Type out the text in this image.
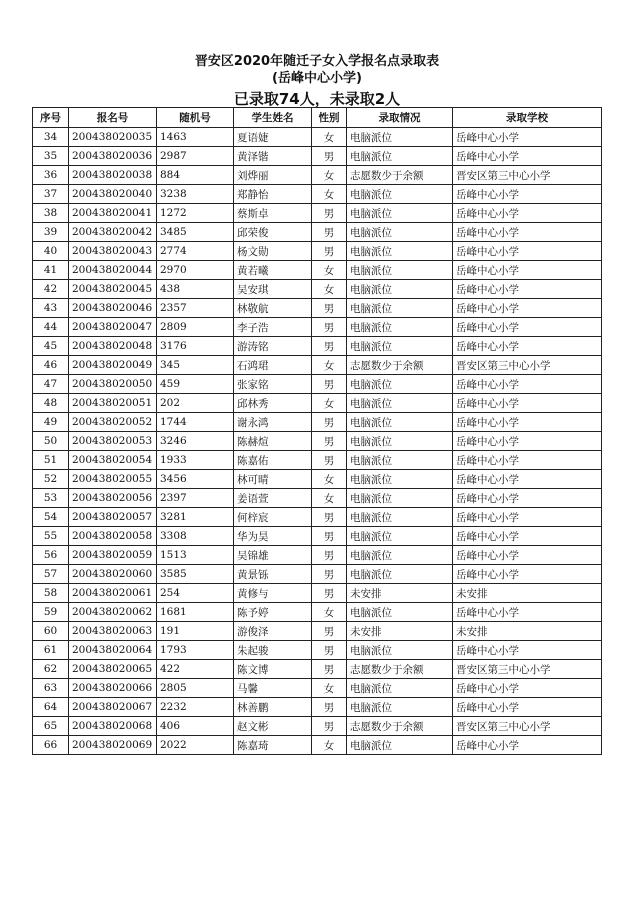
晋安区2020年随迁子女入学报名点录取表
(岳峰中心小学)
已录取74人，未录取2人
序号	报名号	随机号	学生姓名	性别	录取情况	录取学校
34	200438020035	1463	夏语婕	女	电脑派位	岳峰中心小学
35	200438020036	2987	黄泽锴	男	电脑派位	岳峰中心小学
36	200438020038	884	刘烨丽	女	志愿数少于余额	晋安区第三中心小学
37	200438020040	3238	郑静怡	女	电脑派位	岳峰中心小学
38	200438020041	1272	蔡斯卓	男	电脑派位	岳峰中心小学
39	200438020042	3485	邱荣俊	男	电脑派位	岳峰中心小学
40	200438020043	2774	杨文勋	男	电脑派位	岳峰中心小学
41	200438020044	2970	黄若曦	女	电脑派位	岳峰中心小学
42	200438020045	438	吴安琪	女	电脑派位	岳峰中心小学
43	200438020046	2357	林敬航	男	电脑派位	岳峰中心小学
44	200438020047	2809	李子浩	男	电脑派位	岳峰中心小学
45	200438020048	3176	游涛铭	男	电脑派位	岳峰中心小学
46	200438020049	345	石鸿珺	女	志愿数少于余额	晋安区第三中心小学
47	200438020050	459	张家铭	男	电脑派位	岳峰中心小学
48	200438020051	202	邱林秀	女	电脑派位	岳峰中心小学
49	200438020052	1744	谢永鸿	男	电脑派位	岳峰中心小学
50	200438020053	3246	陈赫煊	男	电脑派位	岳峰中心小学
51	200438020054	1933	陈嘉佑	男	电脑派位	岳峰中心小学
52	200438020055	3456	林可晴	女	电脑派位	岳峰中心小学
53	200438020056	2397	姜语萱	女	电脑派位	岳峰中心小学
54	200438020057	3281	何梓宸	男	电脑派位	岳峰中心小学
55	200438020058	3308	华为昊	男	电脑派位	岳峰中心小学
56	200438020059	1513	吴锦雄	男	电脑派位	岳峰中心小学
57	200438020060	3585	黄景铄	男	电脑派位	岳峰中心小学
58	200438020061	254	黄修与	男	未安排	未安排
59	200438020062	1681	陈予婷	女	电脑派位	岳峰中心小学
60	200438020063	191	游俊泽	男	未安排	未安排
61	200438020064	1793	朱起骏	男	电脑派位	岳峰中心小学
62	200438020065	422	陈文博	男	志愿数少于余额	晋安区第三中心小学
63	200438020066	2805	马馨	女	电脑派位	岳峰中心小学
64	200438020067	2232	林善鹏	男	电脑派位	岳峰中心小学
65	200438020068	406	赵文彬	男	志愿数少于余额	晋安区第三中心小学
66	200438020069	2022	陈嘉琦	女	电脑派位	岳峰中心小学
